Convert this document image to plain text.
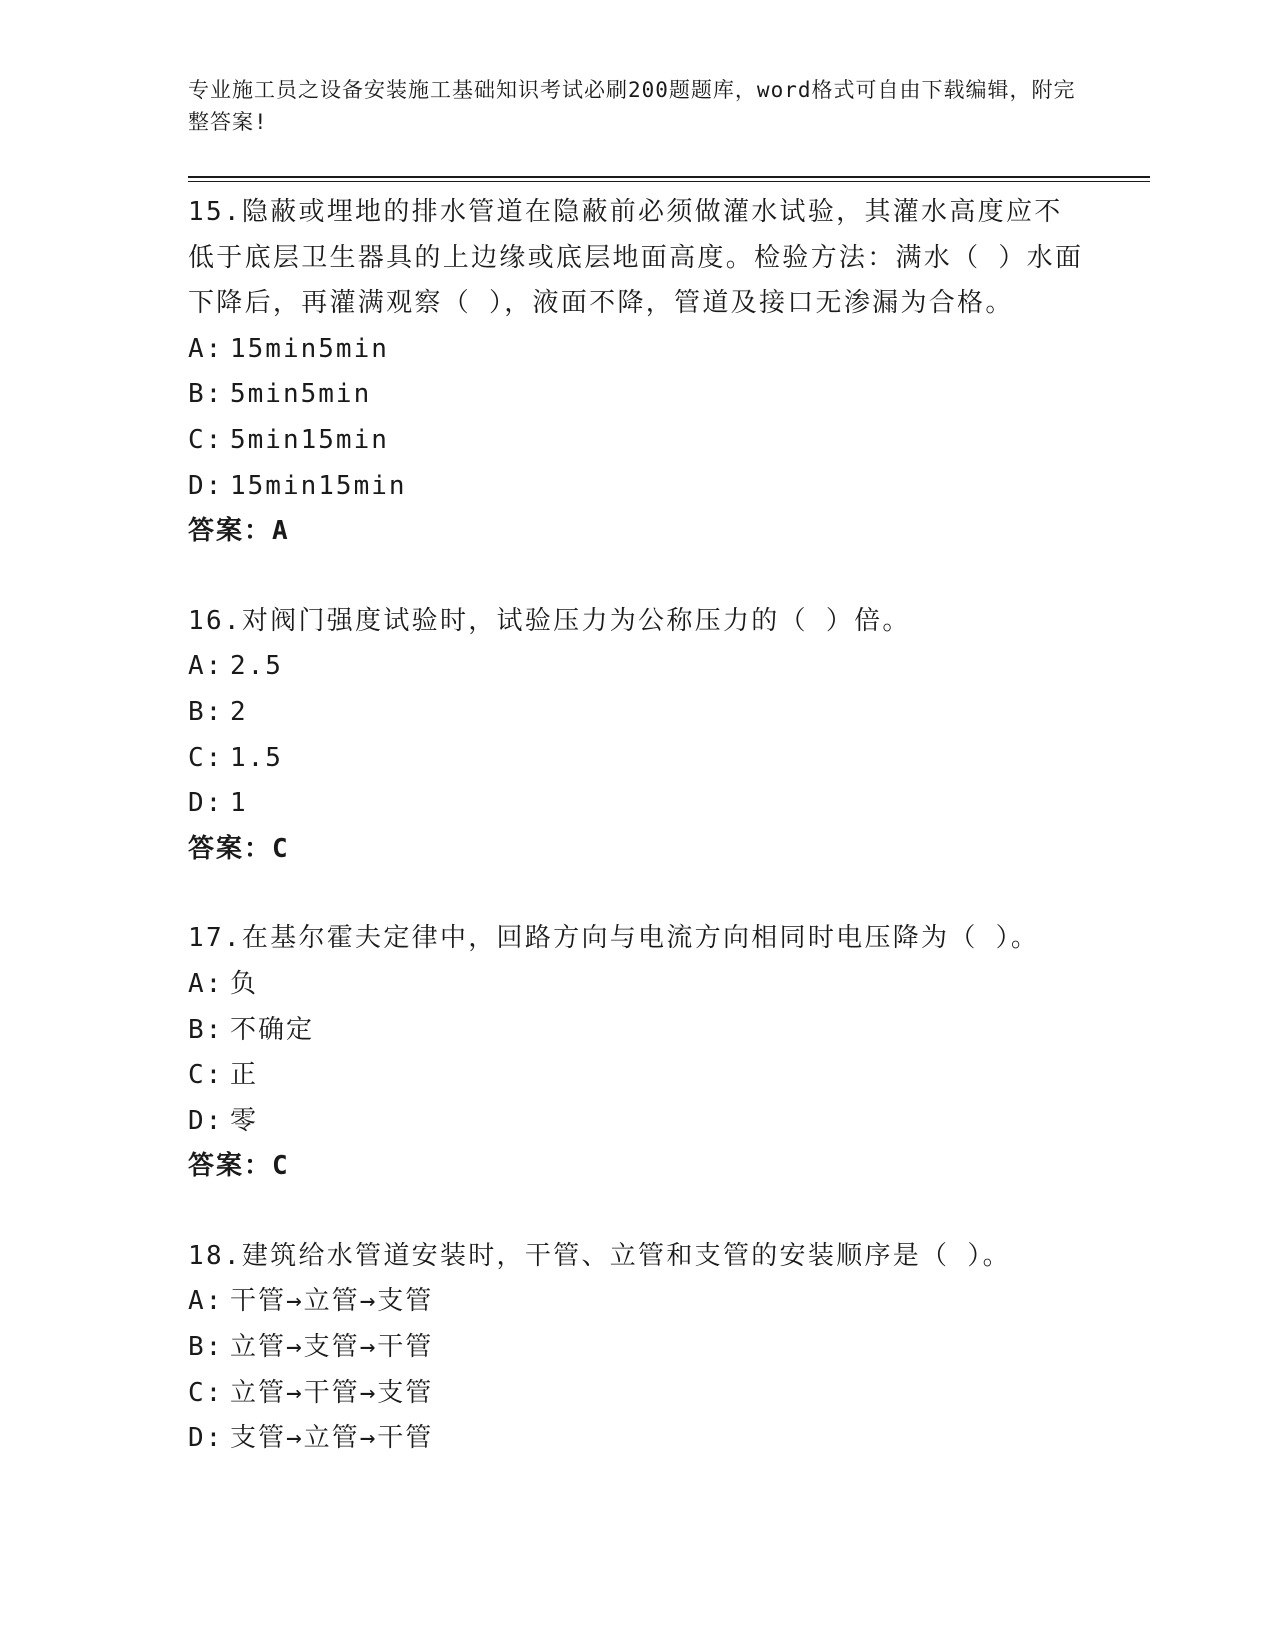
专业施工员之设备安装施工基础知识考试必刷200题题库，word格式可自由下载编辑，附完整答案!

15.隐蔽或埋地的排水管道在隐蔽前必须做灌水试验，其灌水高度应不低于底层卫生器具的上边缘或底层地面高度。检验方法：满水（ ）水面下降后，再灌满观察（ ），液面不降，管道及接口无渗漏为合格。

A: 15min5min

B: 5min5min

C: 5min15min

D: 15min15min

答案：A

16.对阀门强度试验时，试验压力为公称压力的（ ）倍。

A: 2.5

B: 2

C: 1.5

D: 1

答案：C

17.在基尔霍夫定律中，回路方向与电流方向相同时电压降为（ ）。

A: 负

B: 不确定

C: 正

D: 零

答案：C

18.建筑给水管道安装时，干管、立管和支管的安装顺序是（ ）。

A: 干管→立管→支管

B: 立管→支管→干管

C: 立管→干管→支管

D: 支管→立管→干管
